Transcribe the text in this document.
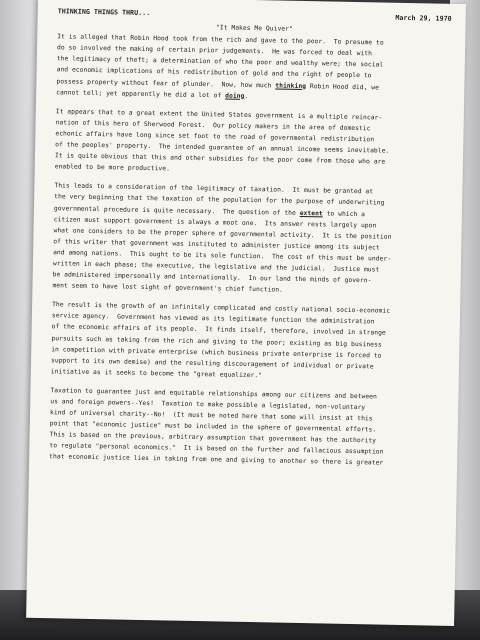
THINKING THINGS THRU...
March 29, 1970
"It Makes Me Quiver"
It is alleged that Robin Hood took from the rich and gave to the poor.  To presume to
do so involved the making of certain prior judgements.  He was forced to deal with
the legitimacy of theft; a determination of who the poor and wealthy were; the social
and economic implications of his redistribution of gold and the right of people to
possess property without fear of plunder.  Now, how much thinking Robin Hood did, we
cannot tell; yet apparently he did a lot of doing.
It appears that to a great extent the United States government is a multiple reincar-
nation of this hero of Sherwood Forest.  Our policy makers in the area of domestic
echonic affairs have long since set foot to the road of governmental redistribution
of the peoples' property.  The intended guarantee of an annual income seems inevitable.
It is quite obvious that this and other subsidies for the poor come from those who are
enabled to be more productive.
This leads to a consideration of the legitimacy of taxation.  It must be granted at
the very beginning that the taxation of the population for the purpose of underwriting
governmental procedure is quite necessary.  The question of the extent to which a
citizen must support government is always a moot one.  Its answer rests largely upon
what one considers to be the proper sphere of governmental activity.  It is the position
of this writer that government was instituted to administer justice among its subject
and among nations.  This ought to be its sole function.  The cost of this must be under-
written in each phase; the executive, the legislative and the judicial.  Justice must
be administered impersonally and internationally.  In our land the minds of govern-
ment seem to have lost sight of government's chief function.
The result is the growth of an infinitely complicated and costly national socio-economic
service agency.  Government has viewed as its legitimate function the administration
of the economic affairs of its people.  It finds itself, therefore, involved in strange
pursuits such as taking from the rich and giving to the poor; existing as big business
in competition with private enterprise (which business private enterprise is forced to
support to its own demise) and the resulting discouragement of individual or private
initiative as it seeks to become the "great equalizer."
Taxation to guarantee just and equitable relationships among our citizens and between
us and foreign powers--Yes!  Taxation to make possible a legislated, non-voluntary
kind of universal charity--No!  (It must be noted here that some will insist at this
point that "economic justice" must be included in the sphere of governmental efforts.
This is based on the previous, arbitrary assumption that government has the authority
to regulate "personal economics."  It is based on the further and fallacious assumption
that economic justice lies in taking from one and giving to another so there is greater
